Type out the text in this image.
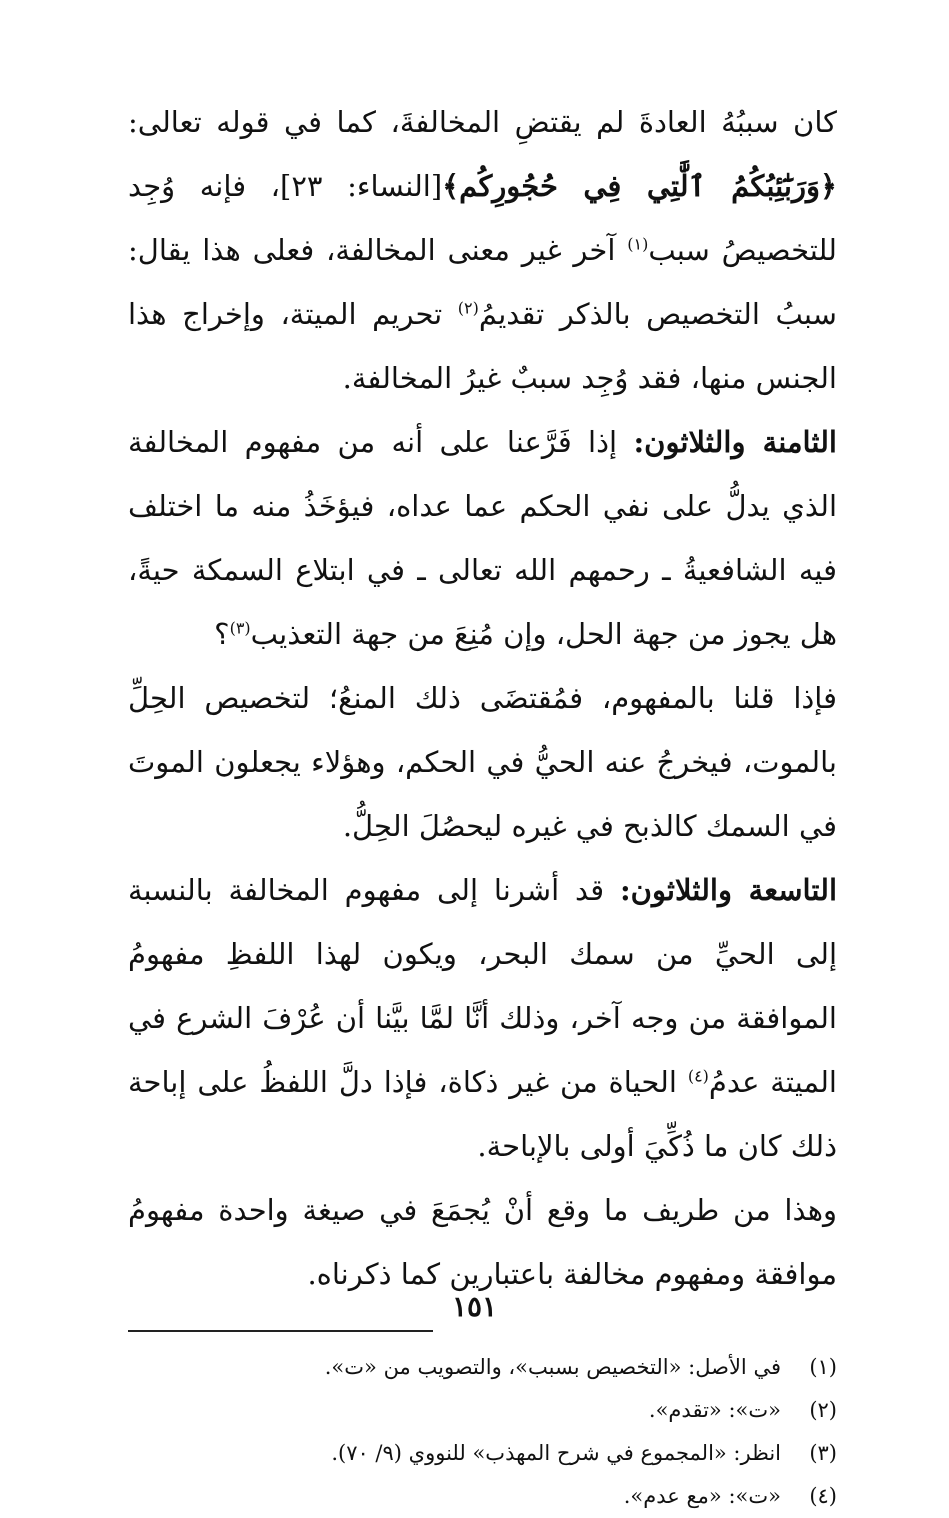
كان سببُهُ العادةَ لم يقتضِ المخالفةَ، كما في قوله تعالى: ﴿وَرَبَٰٓئِبُكُمُ ٱلَّٰتِي فِي حُجُورِكُم﴾[النساء: ٢٣]، فإنه وُجِد للتخصيصُ سبب$^{(١)}$ آخر غير معنى المخالفة، فعلى هذا يقال: سببُ التخصيص بالذكر تقديمُ$^{(٢)}$ تحريم الميتة، وإخراج هذا الجنس منها، فقد وُجِد سببٌ غيرُ المخالفة.

الثامنة والثلاثون: إذا فَرَّعنا على أنه من مفهوم المخالفة الذي يدلُّ على نفي الحكم عما عداه، فيؤخَذُ منه ما اختلف فيه الشافعيةُ ـ رحمهم الله تعالى ـ في ابتلاع السمكة حيةً، هل يجوز من جهة الحل، وإن مُنِعَ من جهة التعذيب$^{(٣)}$؟

فإذا قلنا بالمفهوم، فمُقتضَى ذلك المنعُ؛ لتخصيص الحِلِّ بالموت، فيخرجُ عنه الحيُّ في الحكم، وهؤلاء يجعلون الموتَ في السمك كالذبح في غيره ليحصُلَ الحِلُّ.

التاسعة والثلاثون: قد أشرنا إلى مفهوم المخالفة بالنسبة إلى الحيِّ من سمك البحر، ويكون لهذا اللفظِ مفهومُ الموافقة من وجه آخر، وذلك أنَّا لمَّا بيَّنا أن عُرْفَ الشرع في الميتة عدمُ$^{(٤)}$ الحياة من غير ذكاة، فإذا دلَّ اللفظُ على إباحة ذلك كان ما ذُكِّيَ أولى بالإباحة.

وهذا من طريف ما وقع أنْ يُجمَعَ في صيغة واحدة مفهومُ موافقة ومفهوم مخالفة باعتبارين كما ذكرناه.

(١)
في الأصل: «التخصيص بسبب»، والتصويب من «ت».
(٢)
«ت»: «تقدم».
(٣)
انظر: «المجموع في شرح المهذب» للنووي (٩/ ٧٠).
(٤)
«ت»: «مع عدم».
١٥١
